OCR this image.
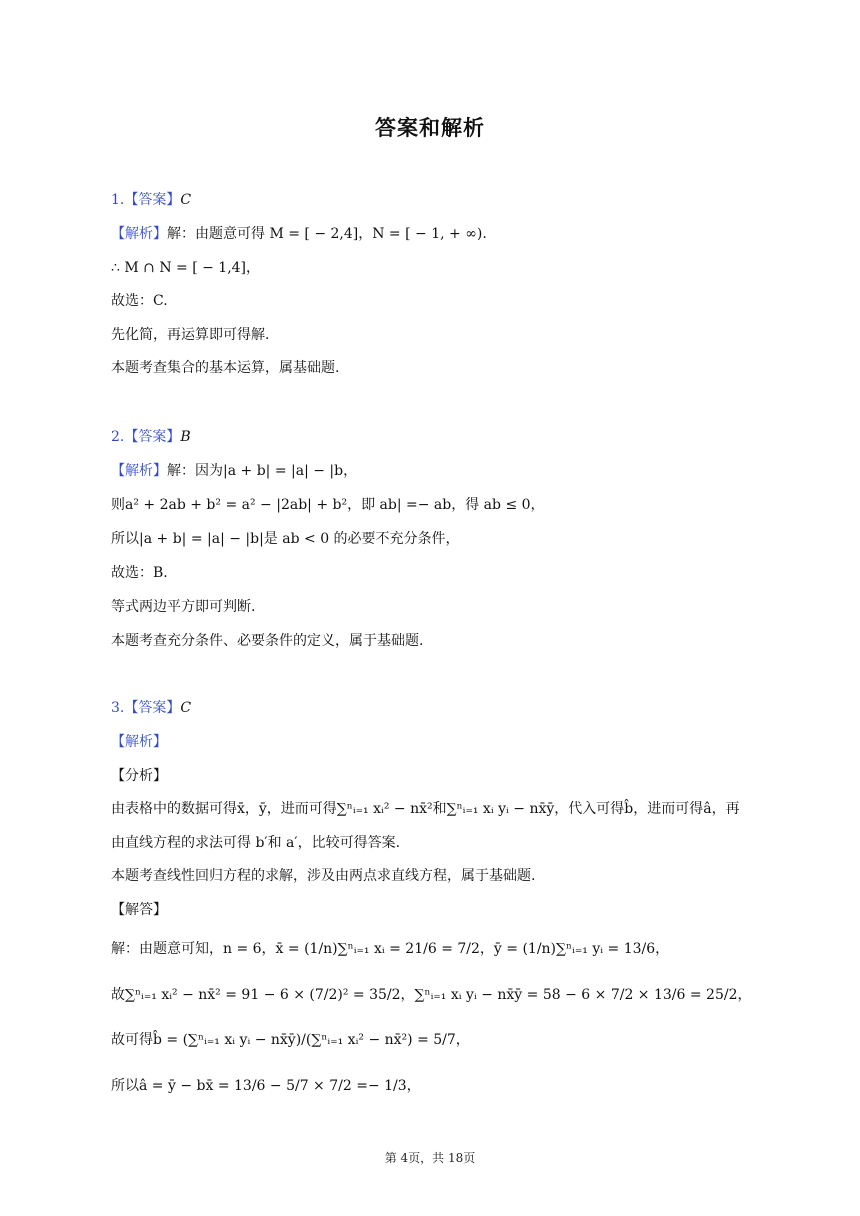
答案和解析
1.【答案】C
【解析】解：由题意可得 M = [ − 2,4]，N = [ − 1, + ∞).
∴ M ∩ N = [ − 1,4]，
故选：C.
先化简，再运算即可得解.
本题考查集合的基本运算，属基础题.
2.【答案】B
【解析】解：因为|a + b| = |a| − |b，
则a² + 2ab + b² = a² − |2ab| + b²，即 ab| =− ab，得 ab ≤ 0，
所以|a + b| = |a| − |b|是 ab < 0 的必要不充分条件，
故选：B.
等式两边平方即可判断.
本题考查充分条件、必要条件的定义，属于基础题.
3.【答案】C
【解析】
【分析】
由表格中的数据可得x̄，ȳ，进而可得∑ⁿᵢ₌₁ xᵢ² − nx̄²和∑ⁿᵢ₌₁ xᵢ yᵢ − nx̄ȳ，代入可得b̂，进而可得â，再
由直线方程的求法可得 b′和 a′，比较可得答案.
本题考查线性回归方程的求解，涉及由两点求直线方程，属于基础题.
【解答】
解：由题意可知，n = 6，x̄ = (1/n)∑ⁿᵢ₌₁ xᵢ = 21/6 = 7/2，ȳ = (1/n)∑ⁿᵢ₌₁ yᵢ = 13/6，
故∑ⁿᵢ₌₁ xᵢ² − nx̄² = 91 − 6 × (7/2)² = 35/2，∑ⁿᵢ₌₁ xᵢ yᵢ − nx̄ȳ = 58 − 6 × 7/2 × 13/6 = 25/2，
故可得b̂ = (∑ⁿᵢ₌₁ xᵢ yᵢ − nx̄ȳ)/(∑ⁿᵢ₌₁ xᵢ² − nx̄²) = 5/7，
所以â = ȳ − bx̄ = 13/6 − 5/7 × 7/2 =− 1/3，
第 4页，共 18页
